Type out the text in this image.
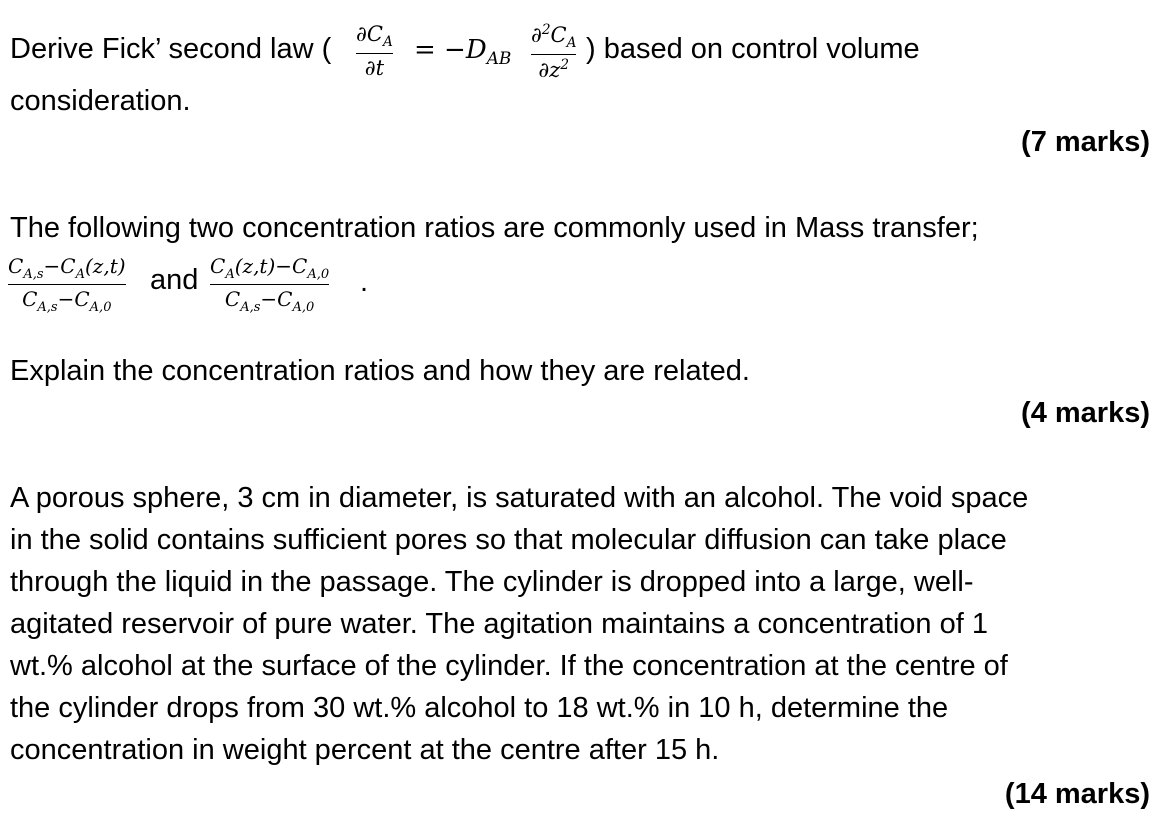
Derive Fick’ second law ( $\partial C_A$
∂t
= $-D_{AB}$
$\partial^2C_A$
$\partial z^2$ ) based on control volume
consideration.
(7 marks)
The following two concentration ratios are commonly used in Mass transfer;
$C_{A,s}-C_A(z,t)$
$C_{A,s}-C_{A,0}$
and $C_A(z,t)-C_{A,0}$
$C_{A,s}-C_{A,0}$
.
Explain the concentration ratios and how they are related.
(4 marks)
A porous sphere, 3 cm in diameter, is saturated with an alcohol. The void space
in the solid contains sufficient pores so that molecular diffusion can take place
through the liquid in the passage. The cylinder is dropped into a large, well-
agitated reservoir of pure water. The agitation maintains a concentration of 1
wt.% alcohol at the surface of the cylinder. If the concentration at the centre of
the cylinder drops from 30 wt.% alcohol to 18 wt.% in 10 h, determine the
concentration in weight percent at the centre after 15 h.
(14 marks)
